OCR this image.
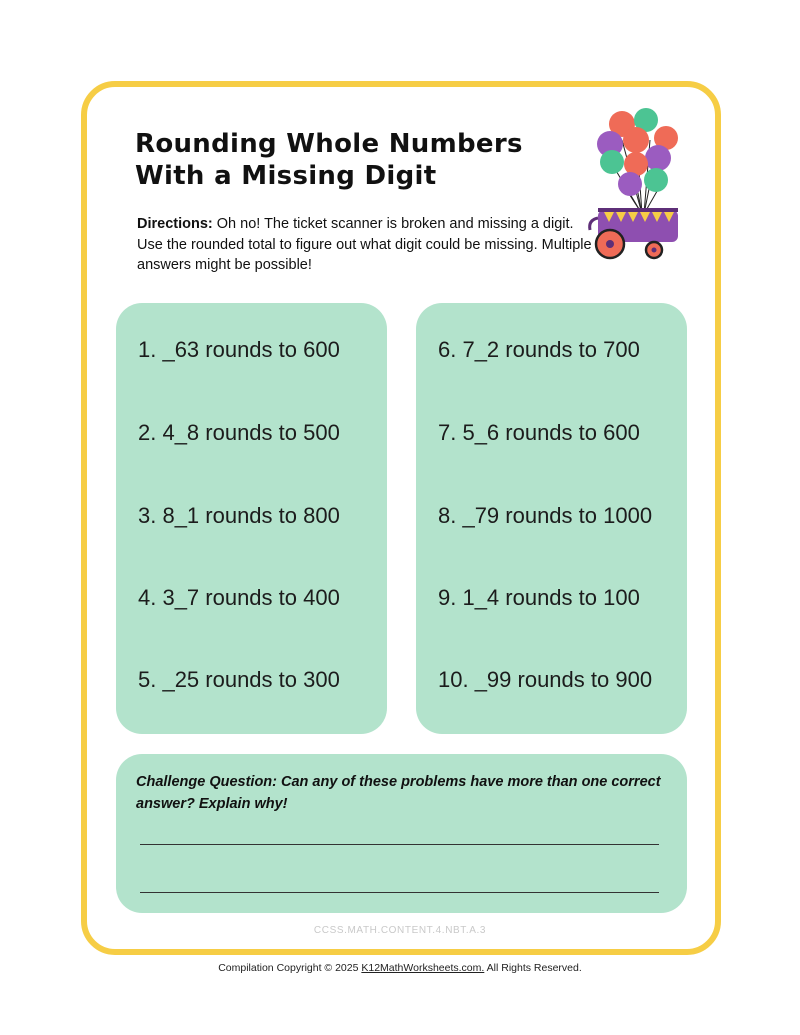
Rounding Whole Numbers
With a Missing Digit
Directions: Oh no! The ticket scanner is broken and missing a digit. Use the rounded total to figure out what digit could be missing. Multiple answers might be possible!
1. _63 rounds to 600
2. 4_8 rounds to 500
3. 8_1 rounds to 800
4. 3_7 rounds to 400
5. _25 rounds to 300
6. 7_2 rounds to 700
7. 5_6 rounds to 600
8. _79 rounds to 1000
9. 1_4 rounds to 100
10. _99 rounds to 900
Challenge Question: Can any of these problems have more than one correct answer? Explain why!
CCSS.MATH.CONTENT.4.NBT.A.3
Compilation Copyright © 2025 K12MathWorksheets.com. All Rights Reserved.
